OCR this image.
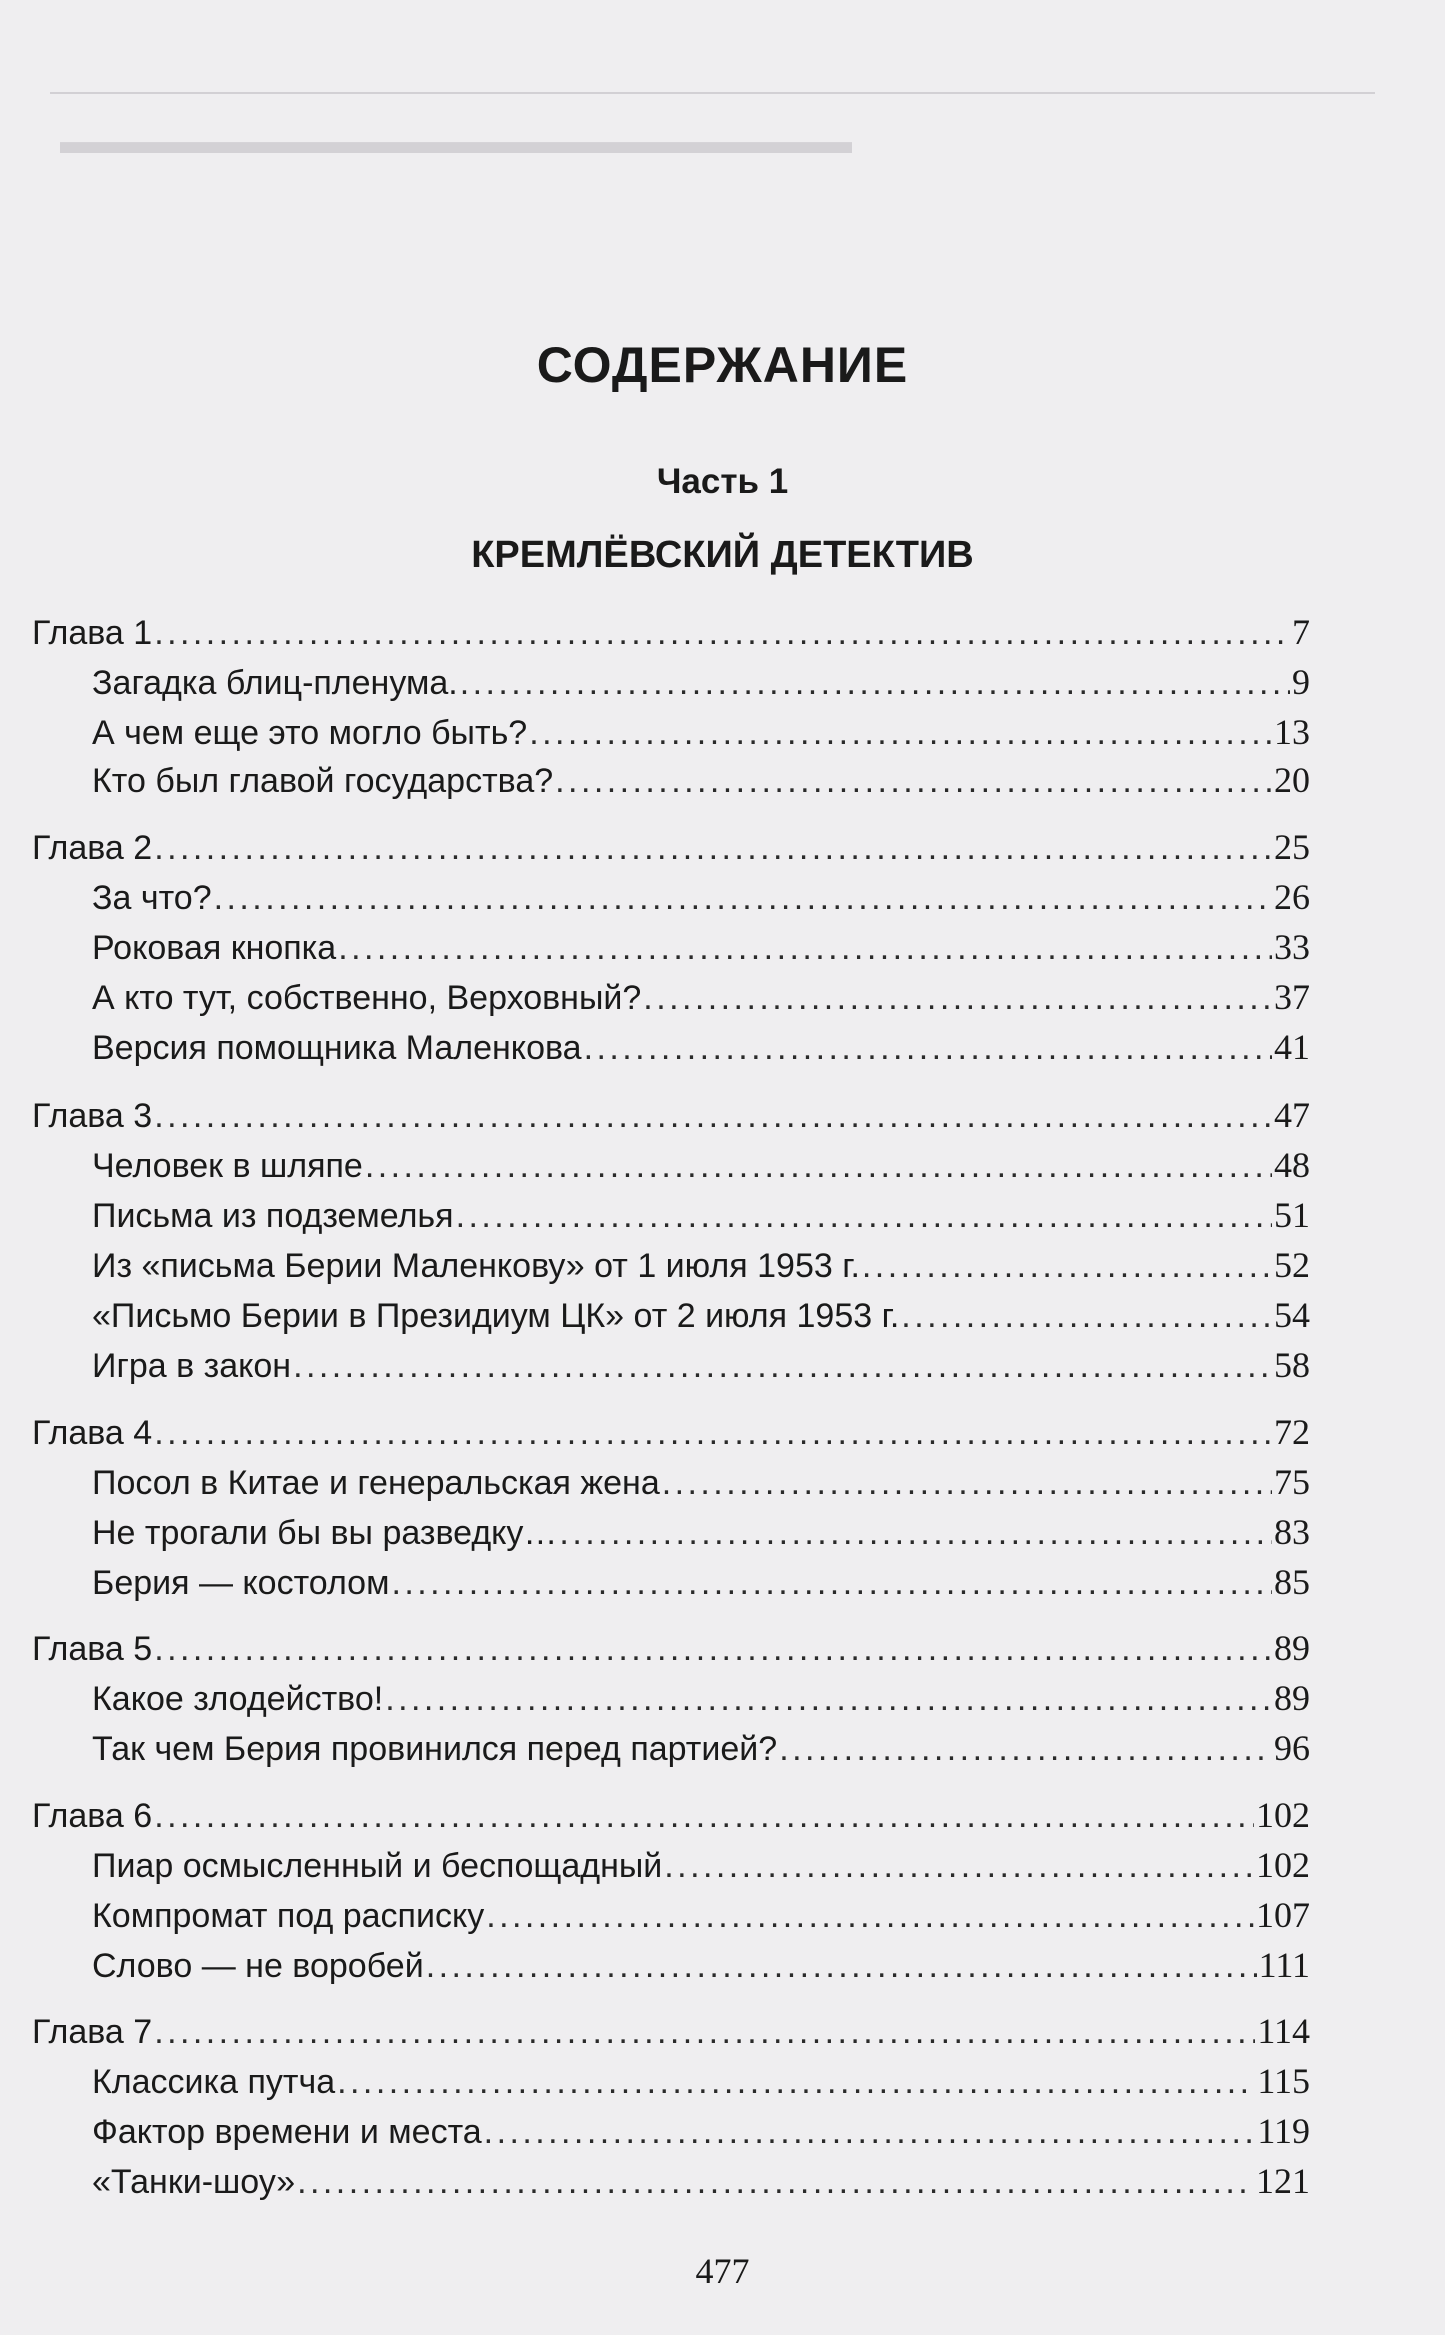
▬▬▬▬▬▬▬▬▬▬▬▬▬▬▬▬▬▬▬▬▬▬
СОДЕРЖАНИЕ
Часть 1
КРЕМЛЁВСКИЙ ДЕТЕКТИВ
Глава 1 . . .	7
Загадка блиц-пленума. . . .	9
А чем еще это могло быть? . . .	13
Кто был главой государства? . . .	20
Глава 2 . . .	25
За что? . . .	26
Роковая кнопка . . .	33
А кто тут, собственно, Верховный? . . .	37
Версия помощника Маленкова . . .	41
Глава 3 . . .	47
Человек в шляпе . . .	48
Письма из подземелья . . .	51
Из «письма Берии Маленкову» от 1 июля 1953 г. . . .	52
«Письмо Берии в Президиум ЦК» от 2 июля 1953 г. . . .	54
Игра в закон . . .	58
Глава 4 . . .	72
Посол в Китае и генеральская жена . . .	75
Не трогали бы вы разведку… . . .	83
Берия — костолом . . .	85
Глава 5 . . .	89
Какое злодейство! . . .	89
Так чем Берия провинился перед партией? . . .	96
Глава 6 . . .	102
Пиар осмысленный и беспощадный . . .	102
Компромат под расписку . . .	107
Слово — не воробей . . .	111
Глава 7 . . .	114
Классика путча . . .	115
Фактор времени и места . . .	119
«Танки-шоу» . . .	121
477
